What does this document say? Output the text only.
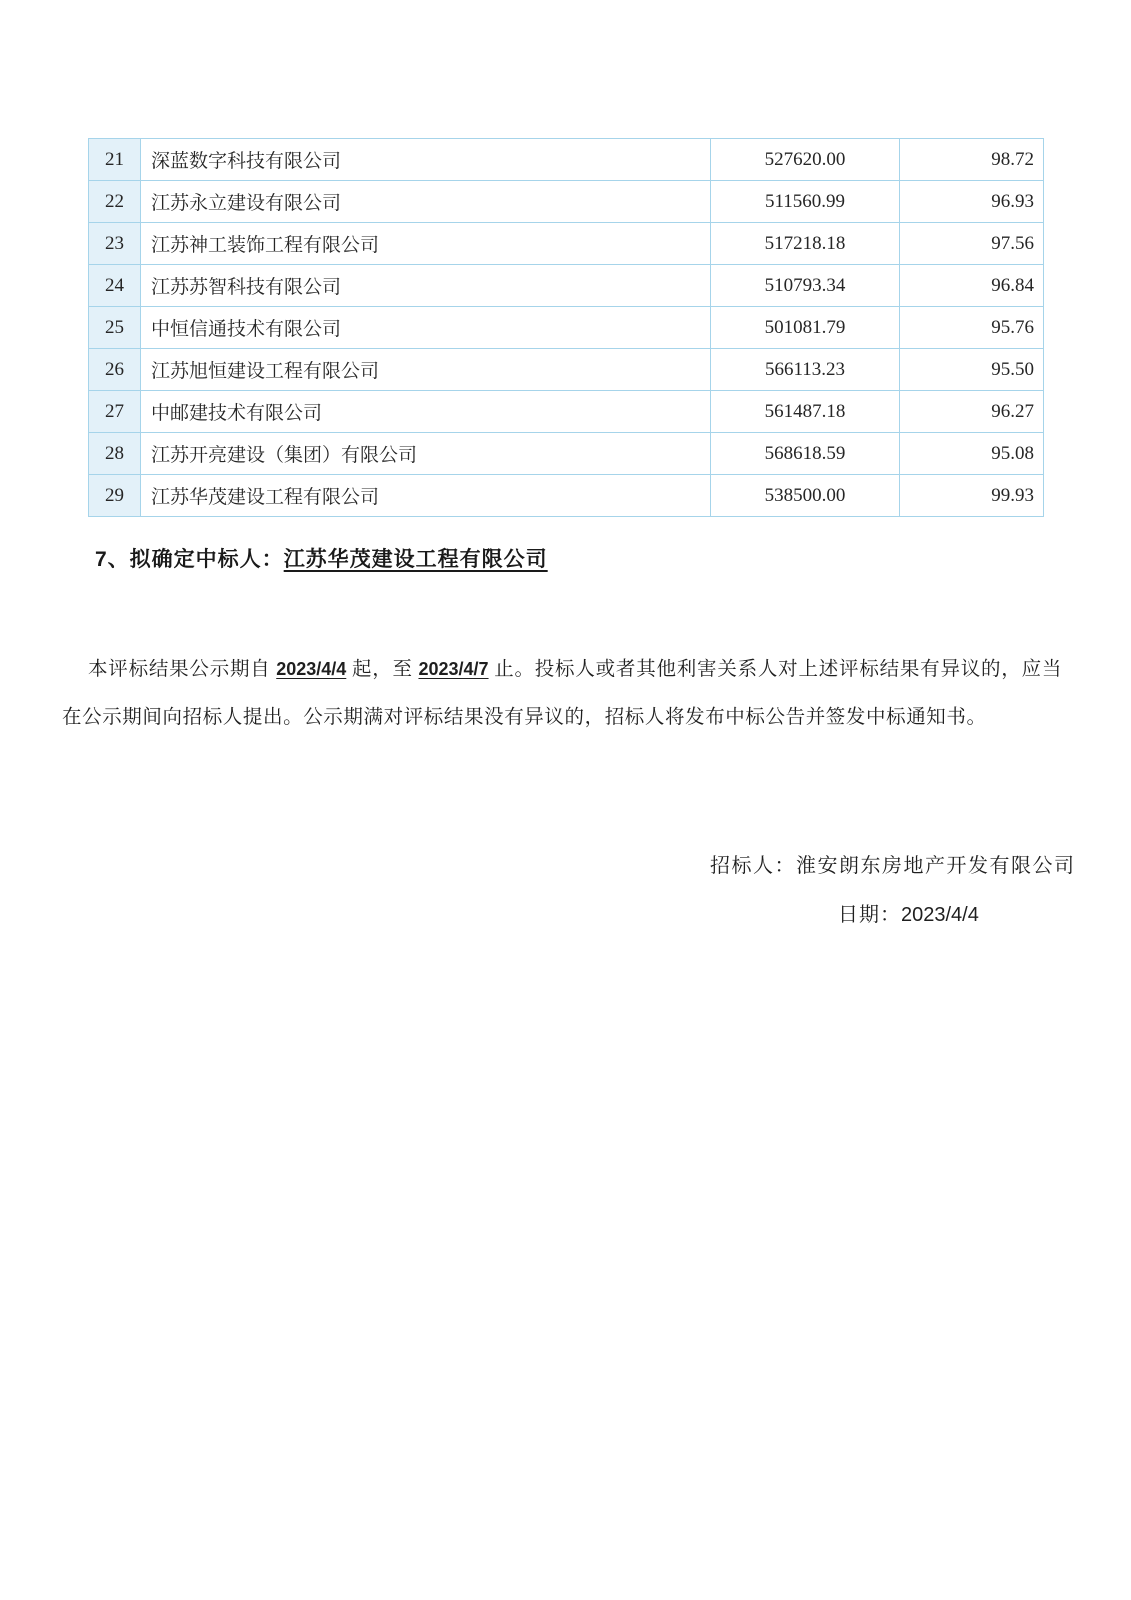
21	深蓝数字科技有限公司	527620.00	98.72
22	江苏永立建设有限公司	511560.99	96.93
23	江苏神工装饰工程有限公司	517218.18	97.56
24	江苏苏智科技有限公司	510793.34	96.84
25	中恒信通技术有限公司	501081.79	95.76
26	江苏旭恒建设工程有限公司	566113.23	95.50
27	中邮建技术有限公司	561487.18	96.27
28	江苏开亮建设（集团）有限公司	568618.59	95.08
29	江苏华茂建设工程有限公司	538500.00	99.93
7、拟确定中标人：江苏华茂建设工程有限公司
本评标结果公示期自 2023/4/4 起，至 2023/4/7 止。投标人或者其他利害关系人对上述评标结果有异议的，应当在公示期间向招标人提出。公示期满对评标结果没有异议的，招标人将发布中标公告并签发中标通知书。
招标人：淮安朗东房地产开发有限公司
日期：2023/4/4
